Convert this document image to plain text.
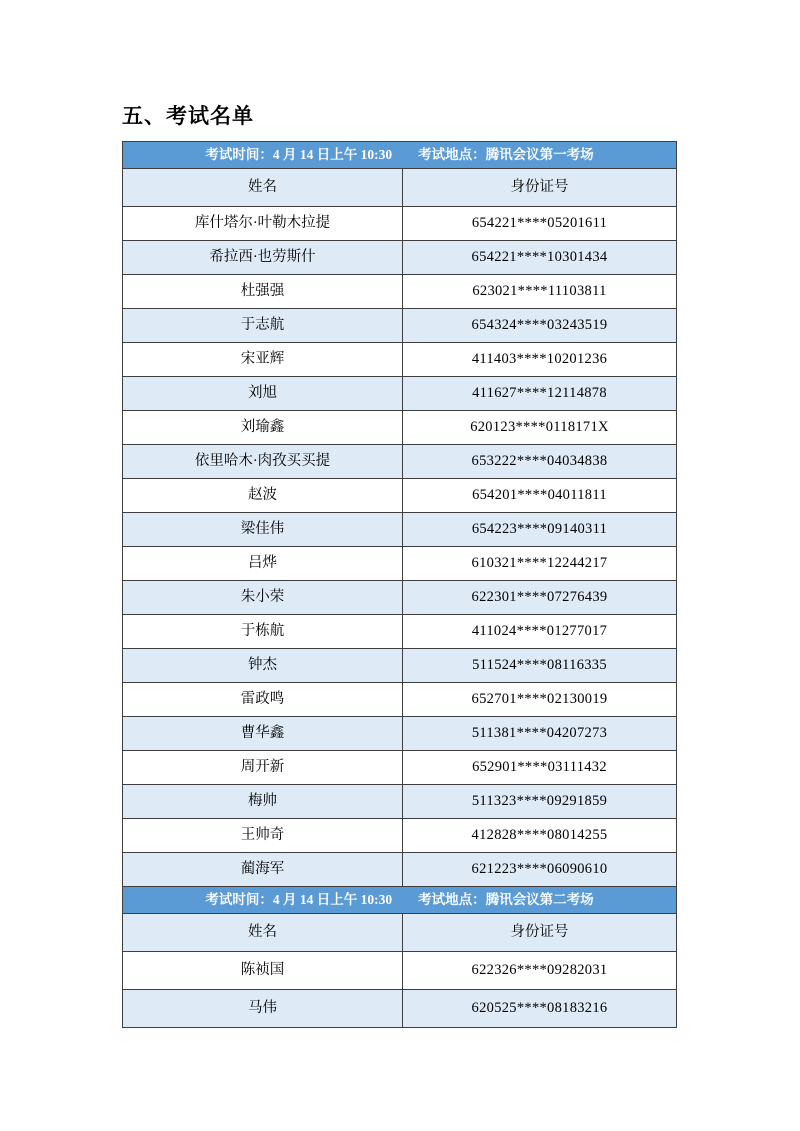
五、考试名单
考试时间：4 月 14 日上午 10:30 考试地点：腾讯会议第一考场	
姓名	身份证号
库什塔尔·叶勒木拉提	654221****05201611
希拉西·也劳斯什	654221****10301434
杜强强	623021****11103811
于志航	654324****03243519
宋亚辉	411403****10201236
刘旭	411627****12114878
刘瑜鑫	620123****0118171X
依里哈木·肉孜买买提	653222****04034838
赵波	654201****04011811
梁佳伟	654223****09140311
吕烨	610321****12244217
朱小荣	622301****07276439
于栋航	411024****01277017
钟杰	511524****08116335
雷政鸣	652701****02130019
曹华鑫	511381****04207273
周开新	652901****03111432
梅帅	511323****09291859
王帅奇	412828****08014255
蔺海军	621223****06090610
考试时间：4 月 14 日上午 10:30 考试地点：腾讯会议第二考场	
姓名	身份证号
陈祯国	622326****09282031
马伟	620525****08183216
